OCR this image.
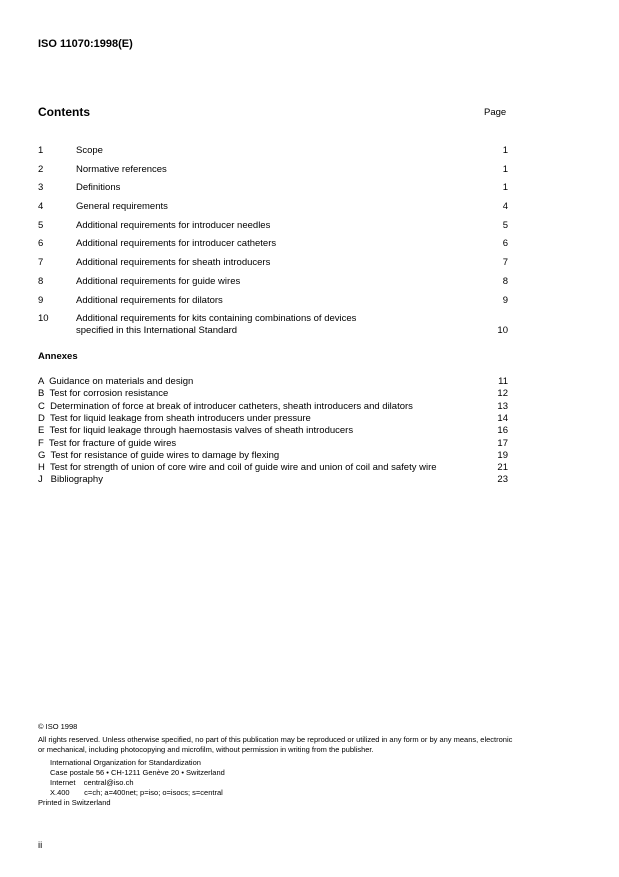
ISO 11070:1998(E)
Contents	Page
1	Scope	1
2	Normative references	1
3	Definitions	1
4	General requirements	4
5	Additional requirements for introducer needles	5
6	Additional requirements for introducer catheters	6
7	Additional requirements for sheath introducers	7
8	Additional requirements for guide wires	8
9	Additional requirements for dilators	9
10	Additional requirements for kits containing combinations of devices
specified in this International Standard	10
Annexes
A  Guidance on materials and design	11
B  Test for corrosion resistance	12
C  Determination of force at break of introducer catheters, sheath introducers and dilators	13
D  Test for liquid leakage from sheath introducers under pressure	14
E  Test for liquid leakage through haemostasis valves of sheath introducers	16
F  Test for fracture of guide wires	17
G  Test for resistance of guide wires to damage by flexing	19
H  Test for strength of union of core wire and coil of guide wire and union of coil and safety wire	21
J   Bibliography	23
© ISO 1998
All rights reserved. Unless otherwise specified, no part of this publication may be reproduced or utilized in any form or by any means, electronic or mechanical, including photocopying and microfilm, without permission in writing from the publisher.
International Organization for Standardization
Case postale 56 • CH-1211 Genève 20 • Switzerland
Internet    central@iso.ch
X.400       c=ch; a=400net; p=iso; o=isocs; s=central
Printed in Switzerland
ii
